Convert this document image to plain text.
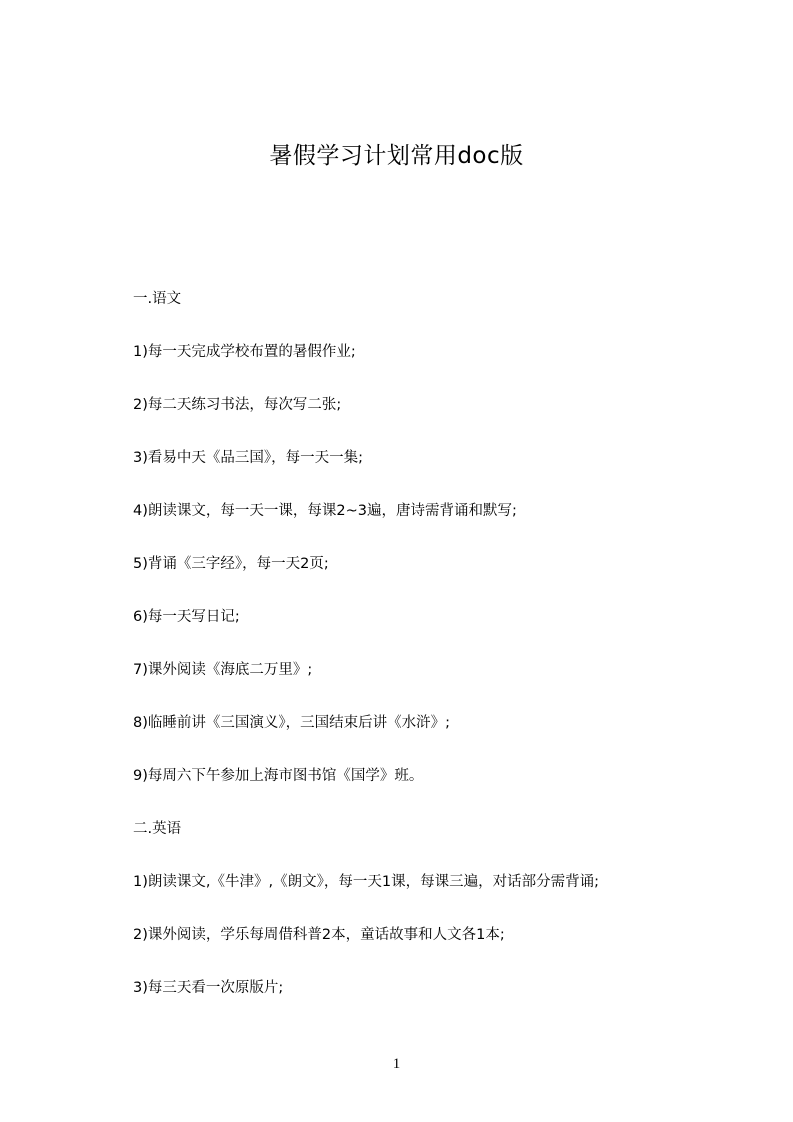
暑假学习计划常用doc版
一.语文
1)每一天完成学校布置的暑假作业;
2)每二天练习书法，每次写二张;
3)看易中天《品三国》，每一天一集;
4)朗读课文，每一天一课，每课2~3遍，唐诗需背诵和默写;
5)背诵《三字经》，每一天2页;
6)每一天写日记;
7)课外阅读《海底二万里》;
8)临睡前讲《三国演义》，三国结束后讲《水浒》;
9)每周六下午参加上海市图书馆《国学》班。
二.英语
1)朗读课文,《牛津》,《朗文》，每一天1课，每课三遍，对话部分需背诵;
2)课外阅读，学乐每周借科普2本，童话故事和人文各1本;
3)每三天看一次原版片;
1
